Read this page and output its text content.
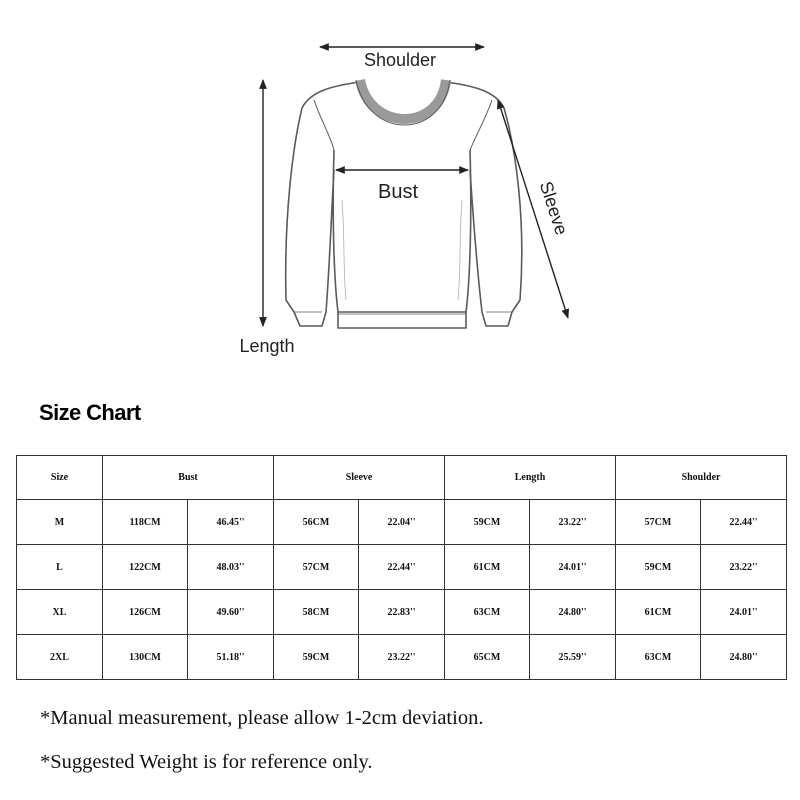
Shoulder
Bust
Length
Sleeve
Size Chart
Size	Bust		Sleeve		Length		Shoulder	
M	118CM	46.45''	56CM	22.04''	59CM	23.22''	57CM	22.44''
L	122CM	48.03''	57CM	22.44''	61CM	24.01''	59CM	23.22''
XL	126CM	49.60''	58CM	22.83''	63CM	24.80''	61CM	24.01''
2XL	130CM	51.18''	59CM	23.22''	65CM	25.59''	63CM	24.80''

*Manual measurement, please allow 1-2cm deviation.

*Suggested Weight is for reference only.
